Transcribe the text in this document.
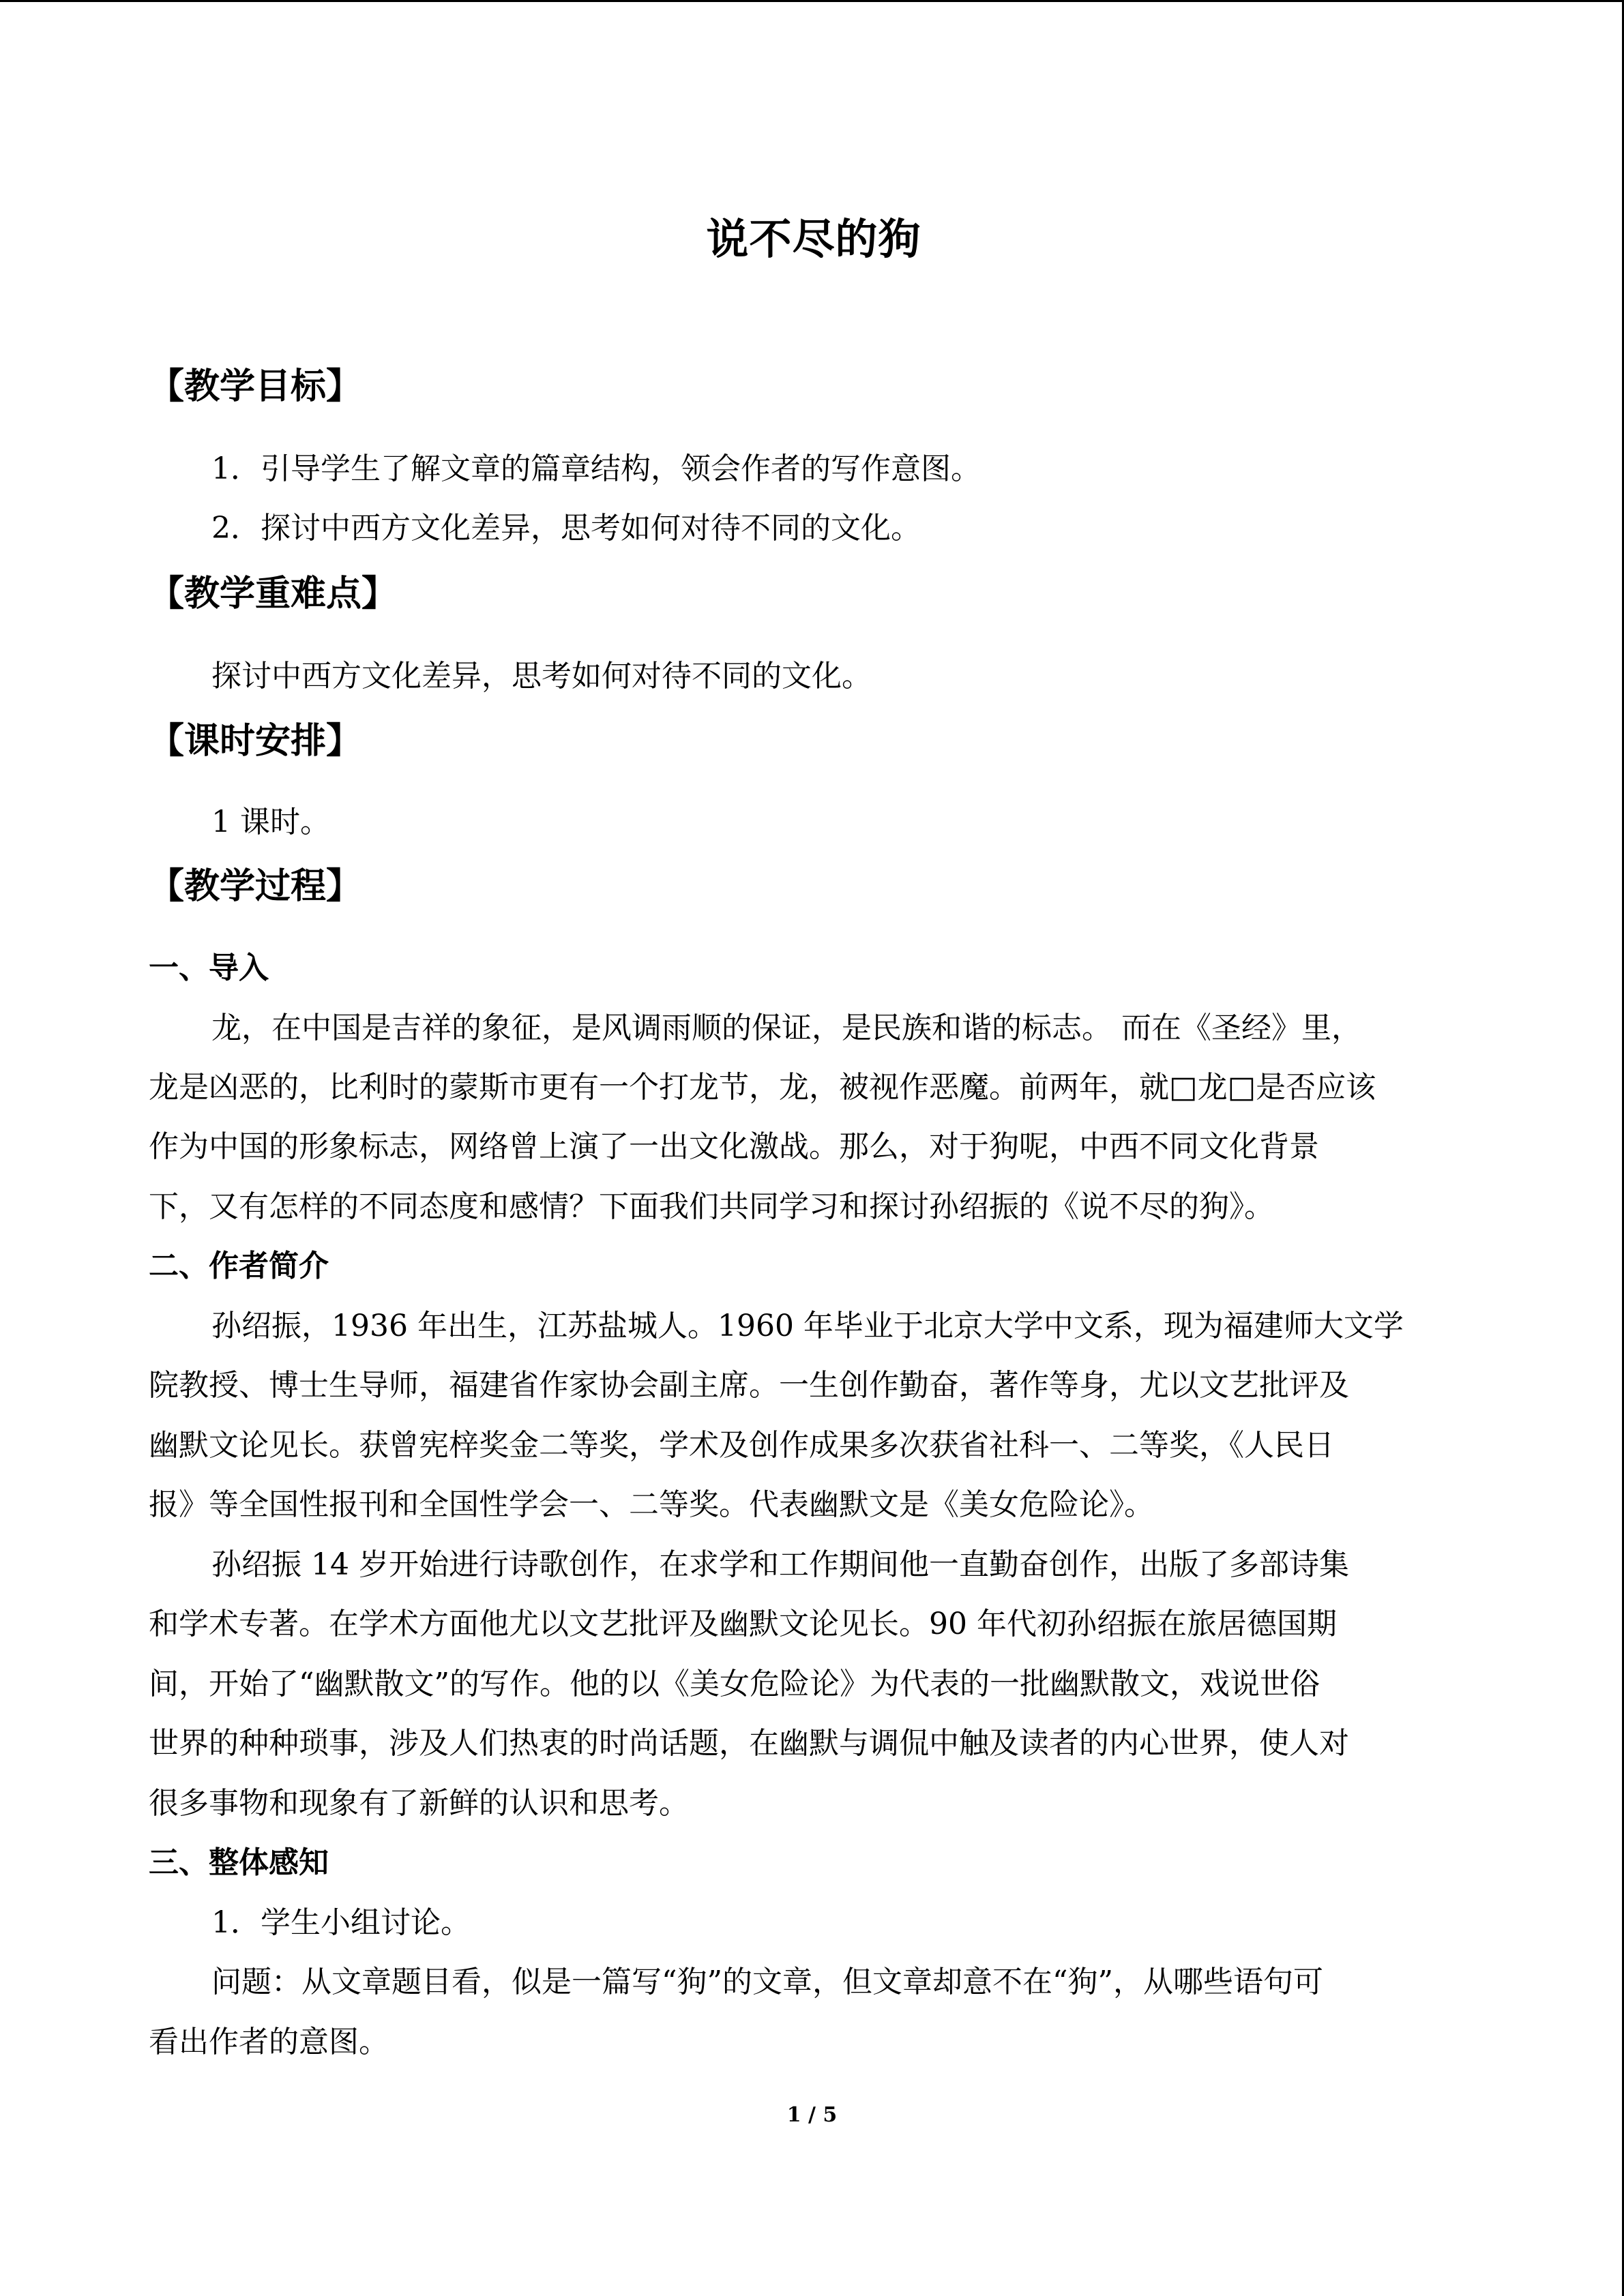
说不尽的狗
【教学目标】
1．引导学生了解文章的篇章结构，领会作者的写作意图。
2．探讨中西方文化差异，思考如何对待不同的文化。
【教学重难点】
探讨中西方文化差异，思考如何对待不同的文化。
【课时安排】
1 课时。
【教学过程】
一、导入
龙，在中国是吉祥的象征，是风调雨顺的保证，是民族和谐的标志。 而在《圣经》里，
龙是凶恶的，比利时的蒙斯市更有一个打龙节，龙，被视作恶魔。前两年，就□龙□是否应该
作为中国的形象标志，网络曾上演了一出文化激战。那么，对于狗呢，中西不同文化背景
下，又有怎样的不同态度和感情？下面我们共同学习和探讨孙绍振的《说不尽的狗》。
二、作者简介
孙绍振，1936 年出生，江苏盐城人。1960 年毕业于北京大学中文系，现为福建师大文学
院教授、博士生导师，福建省作家协会副主席。一生创作勤奋，著作等身，尤以文艺批评及
幽默文论见长。获曾宪梓奖金二等奖，学术及创作成果多次获省社科一、二等奖，《人民日
报》等全国性报刊和全国性学会一、二等奖。代表幽默文是《美女危险论》。
孙绍振 14 岁开始进行诗歌创作，在求学和工作期间他一直勤奋创作，出版了多部诗集
和学术专著。在学术方面他尤以文艺批评及幽默文论见长。90 年代初孙绍振在旅居德国期
间，开始了“幽默散文”的写作。他的以《美女危险论》为代表的一批幽默散文，戏说世俗
世界的种种琐事，涉及人们热衷的时尚话题，在幽默与调侃中触及读者的内心世界，使人对
很多事物和现象有了新鲜的认识和思考。
三、整体感知
1．学生小组讨论。
问题：从文章题目看，似是一篇写“狗”的文章，但文章却意不在“狗”，从哪些语句可
看出作者的意图。
1 / 5
